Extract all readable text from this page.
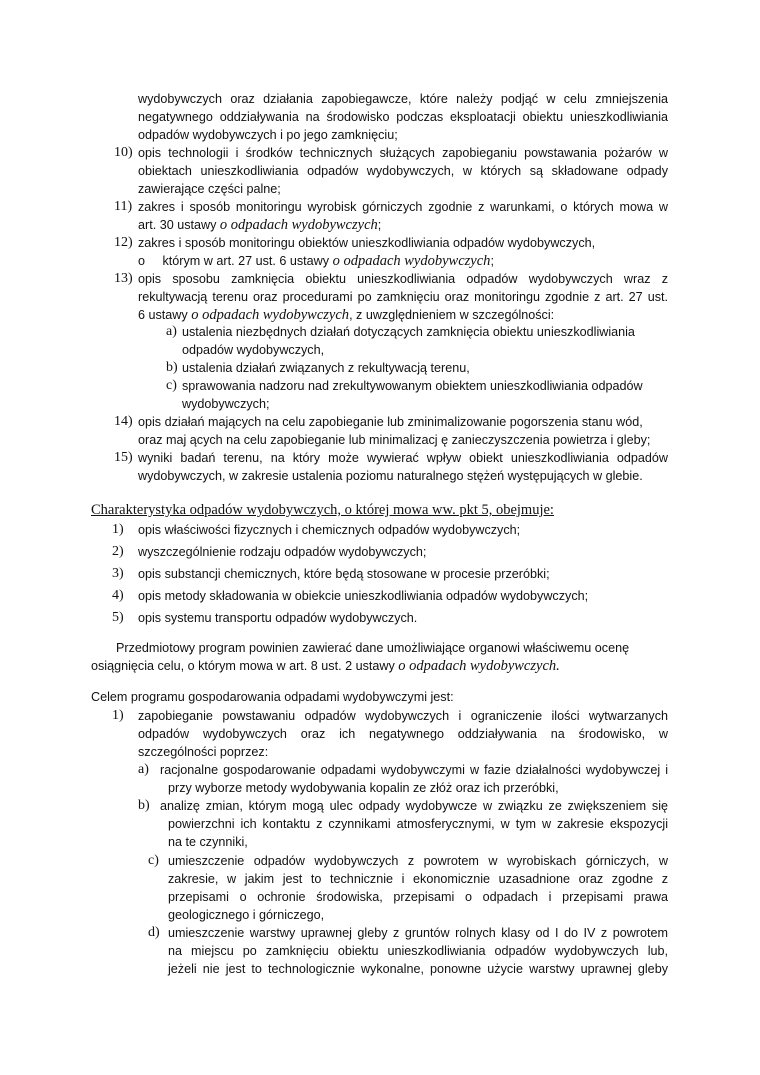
wydobywczych oraz działania zapobiegawcze, które należy podjąć w celu zmniejszenia
negatywnego oddziaływania na środowisko podczas eksploatacji obiektu unieszkodliwiania
odpadów wydobywczych i po jego zamknięciu;
10) opis technologii i środków technicznych służących zapobieganiu powstawania pożarów w
obiektach unieszkodliwiania odpadów wydobywczych, w których są składowane odpady
zawierające części palne;
11) zakres i sposób monitoringu wyrobisk górniczych zgodnie z warunkami, o których mowa w
art. 30 ustawy o odpadach wydobywczych;
12) zakres i sposób monitoringu obiektów unieszkodliwiania odpadów wydobywczych,
o     którym w art. 27 ust. 6 ustawy o odpadach wydobywczych;
13) opis sposobu zamknięcia obiektu unieszkodliwiania odpadów wydobywczych wraz z
rekultywacją terenu oraz procedurami po zamknięciu oraz monitoringu zgodnie z art. 27 ust.
6 ustawy o odpadach wydobywczych, z uwzględnieniem w szczególności:
a) ustalenia niezbędnych działań dotyczących zamknięcia obiektu unieszkodliwiania
odpadów wydobywczych,
b) ustalenia działań związanych z rekultywacją terenu,
c) sprawowania nadzoru nad zrekultywowanym obiektem unieszkodliwiania odpadów
wydobywczych;
14) opis działań mających na celu zapobieganie lub zminimalizowanie pogorszenia stanu wód,
oraz maj ących na celu zapobieganie lub minimalizacj ę zanieczyszczenia powietrza i gleby;
15) wyniki badań terenu, na który może wywierać wpływ obiekt unieszkodliwiania odpadów
wydobywczych, w zakresie ustalenia poziomu naturalnego stężeń występujących w glebie.
Charakterystyka odpadów wydobywczych, o której mowa ww. pkt 5, obejmuje:
1) opis właściwości fizycznych i chemicznych odpadów wydobywczych;
2) wyszczególnienie rodzaju odpadów wydobywczych;
3) opis substancji chemicznych, które będą stosowane w procesie przeróbki;
4) opis metody składowania w obiekcie unieszkodliwiania odpadów wydobywczych;
5) opis systemu transportu odpadów wydobywczych.
Przedmiotowy program powinien zawierać dane umożliwiające organowi właściwemu ocenę
osiągnięcia celu, o którym mowa w art. 8 ust. 2 ustawy o odpadach wydobywczych.
Celem programu gospodarowania odpadami wydobywczymi jest:
1) zapobieganie powstawaniu odpadów wydobywczych i ograniczenie ilości wytwarzanych
odpadów wydobywczych oraz ich negatywnego oddziaływania na środowisko, w
szczególności poprzez:
a) racjonalne gospodarowanie odpadami wydobywczymi w fazie działalności wydobywczej i
przy wyborze metody wydobywania kopalin ze złóż oraz ich przeróbki,
b) analizę zmian, którym mogą ulec odpady wydobywcze w związku ze zwiększeniem się
powierzchni ich kontaktu z czynnikami atmosferycznymi, w tym w zakresie ekspozycji
na te czynniki,
c) umieszczenie odpadów wydobywczych z powrotem w wyrobiskach górniczych, w
zakresie, w jakim jest to technicznie i ekonomicznie uzasadnione oraz zgodne z
przepisami o ochronie środowiska, przepisami o odpadach i przepisami prawa
geologicznego i górniczego,
d) umieszczenie warstwy uprawnej gleby z gruntów rolnych klasy od I do IV z powrotem
na miejscu po zamknięciu obiektu unieszkodliwiania odpadów wydobywczych lub,
jeżeli nie jest to technologicznie wykonalne, ponowne użycie warstwy uprawnej gleby
